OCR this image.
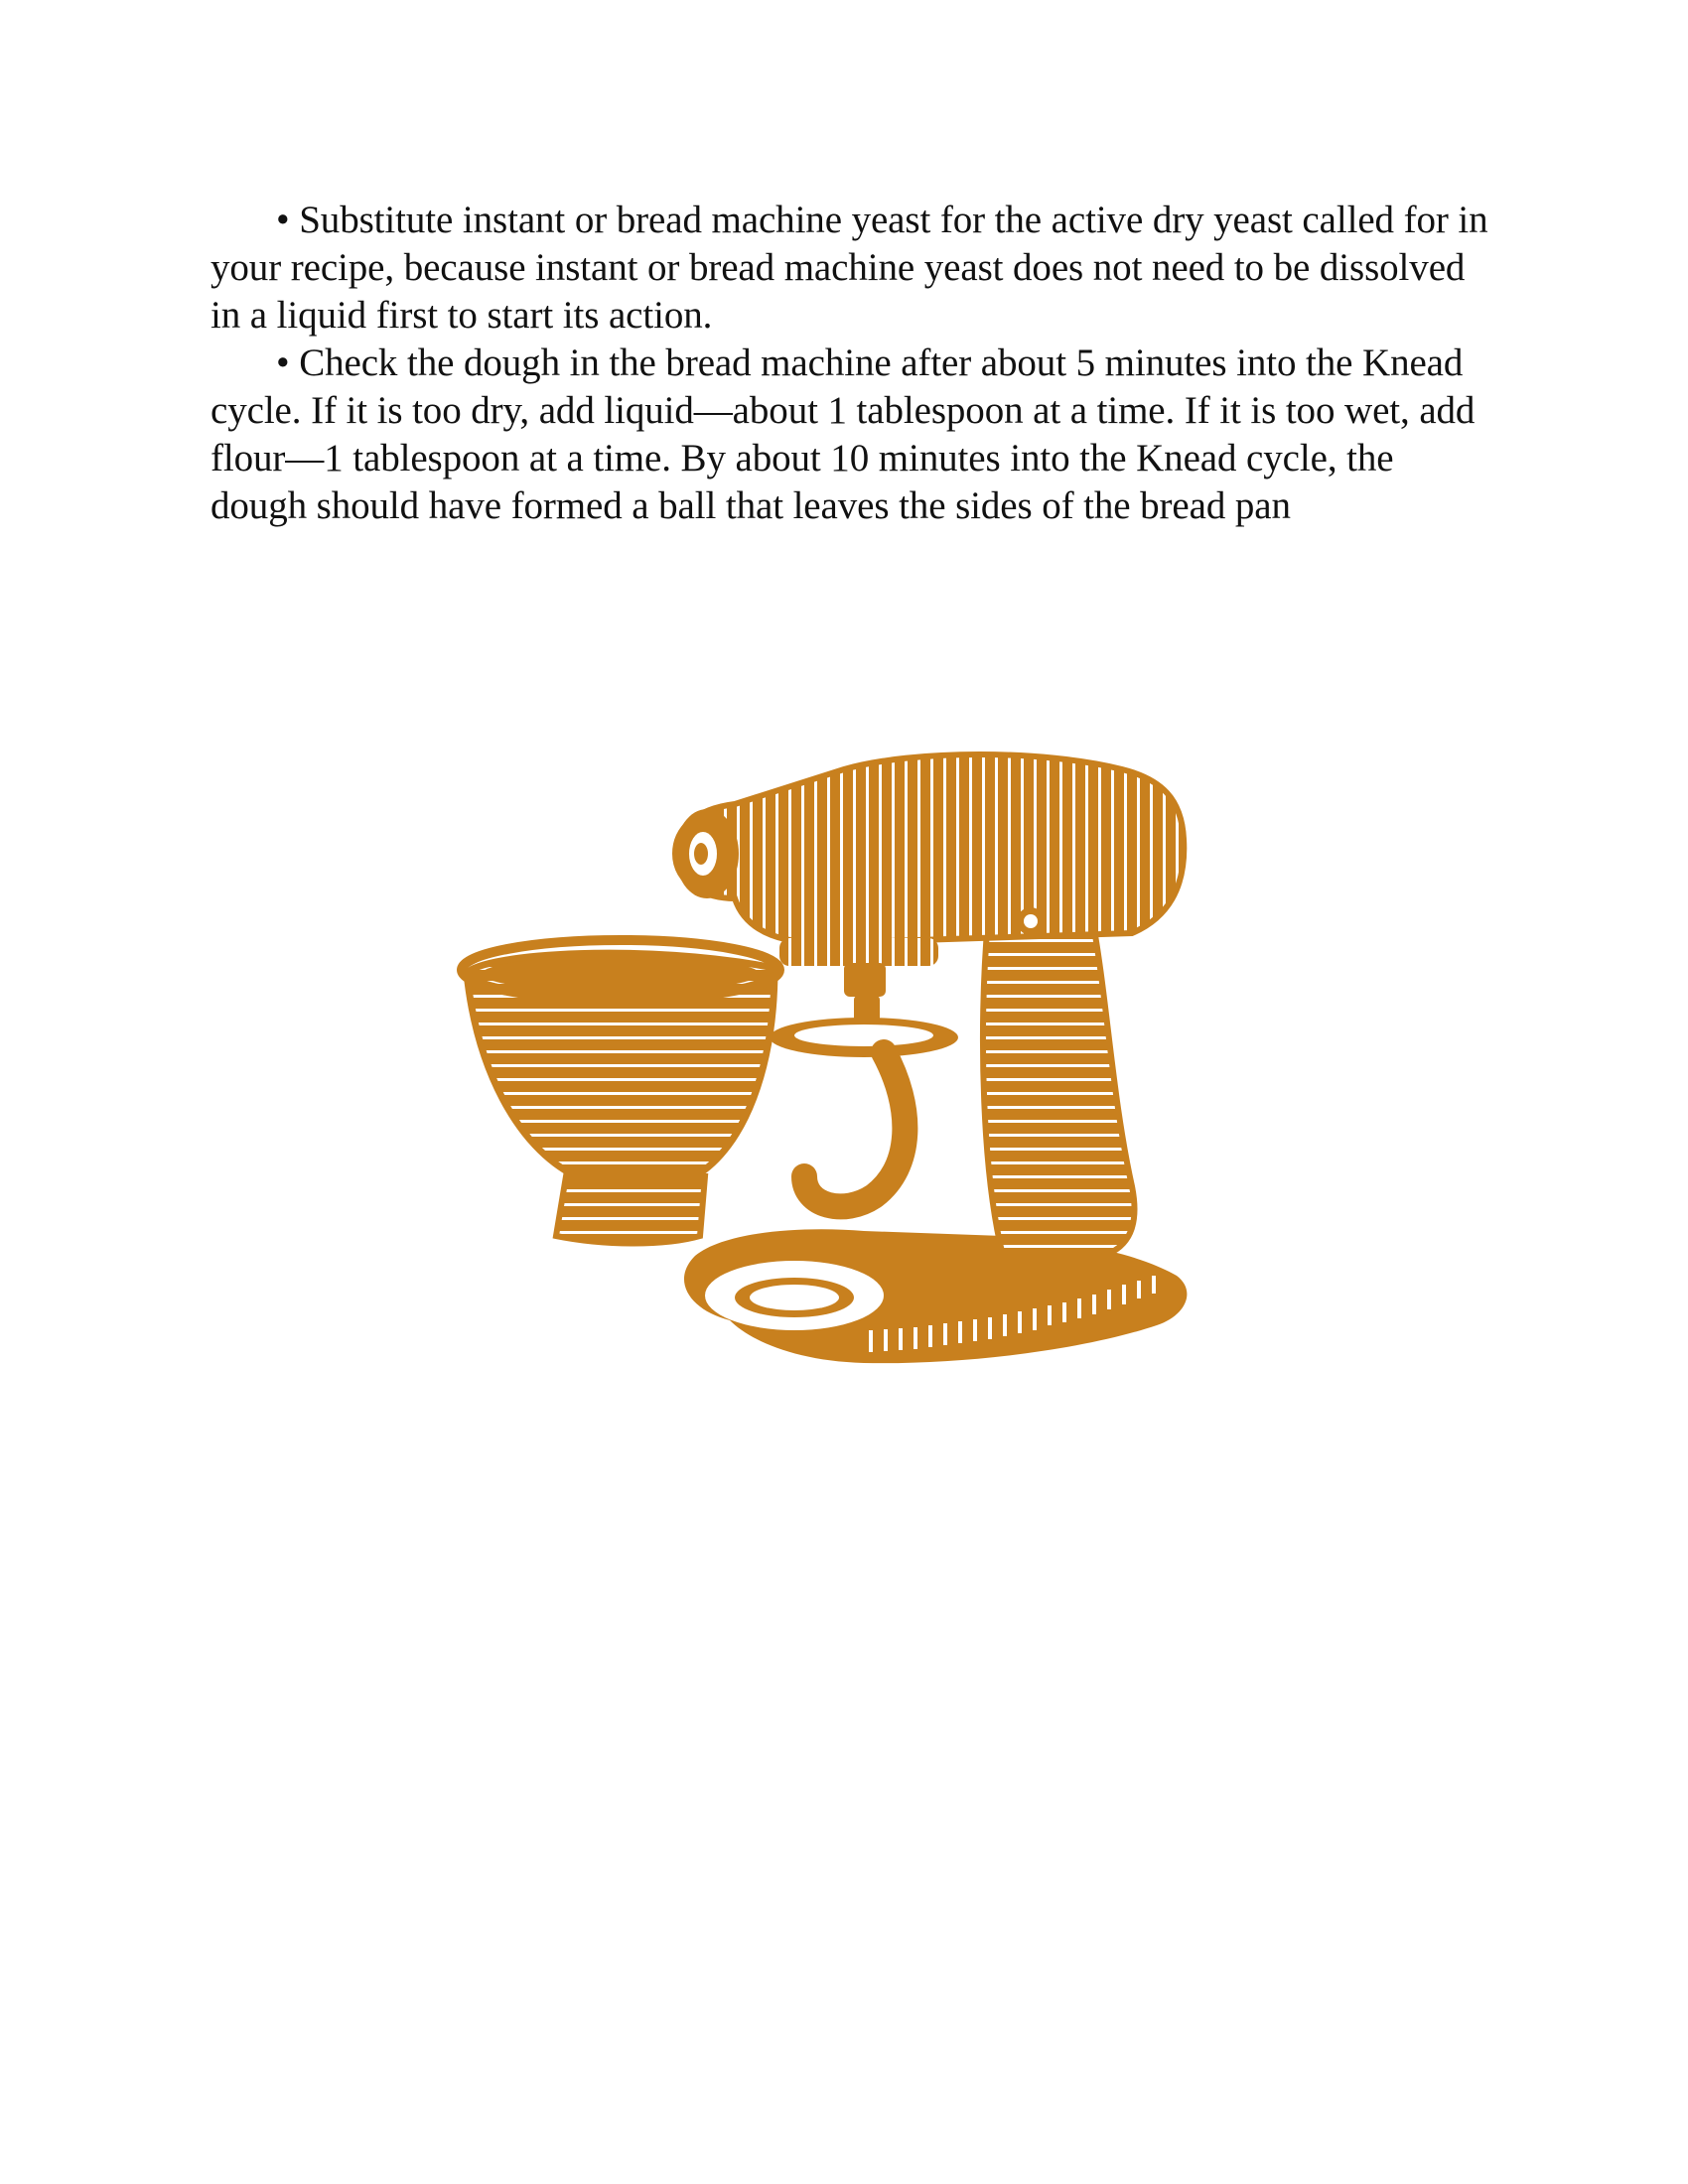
• Substitute instant or bread machine yeast for the active dry yeast called for in your recipe, because instant or bread machine yeast does not need to be dissolved in a liquid first to start its action.

• Check the dough in the bread machine after about 5 minutes into the Knead cycle. If it is too dry, add liquid—about 1 tablespoon at a time. If it is too wet, add flour—1 tablespoon at a time. By about 10 minutes into the Knead cycle, the dough should have formed a ball that leaves the sides of the bread pan
